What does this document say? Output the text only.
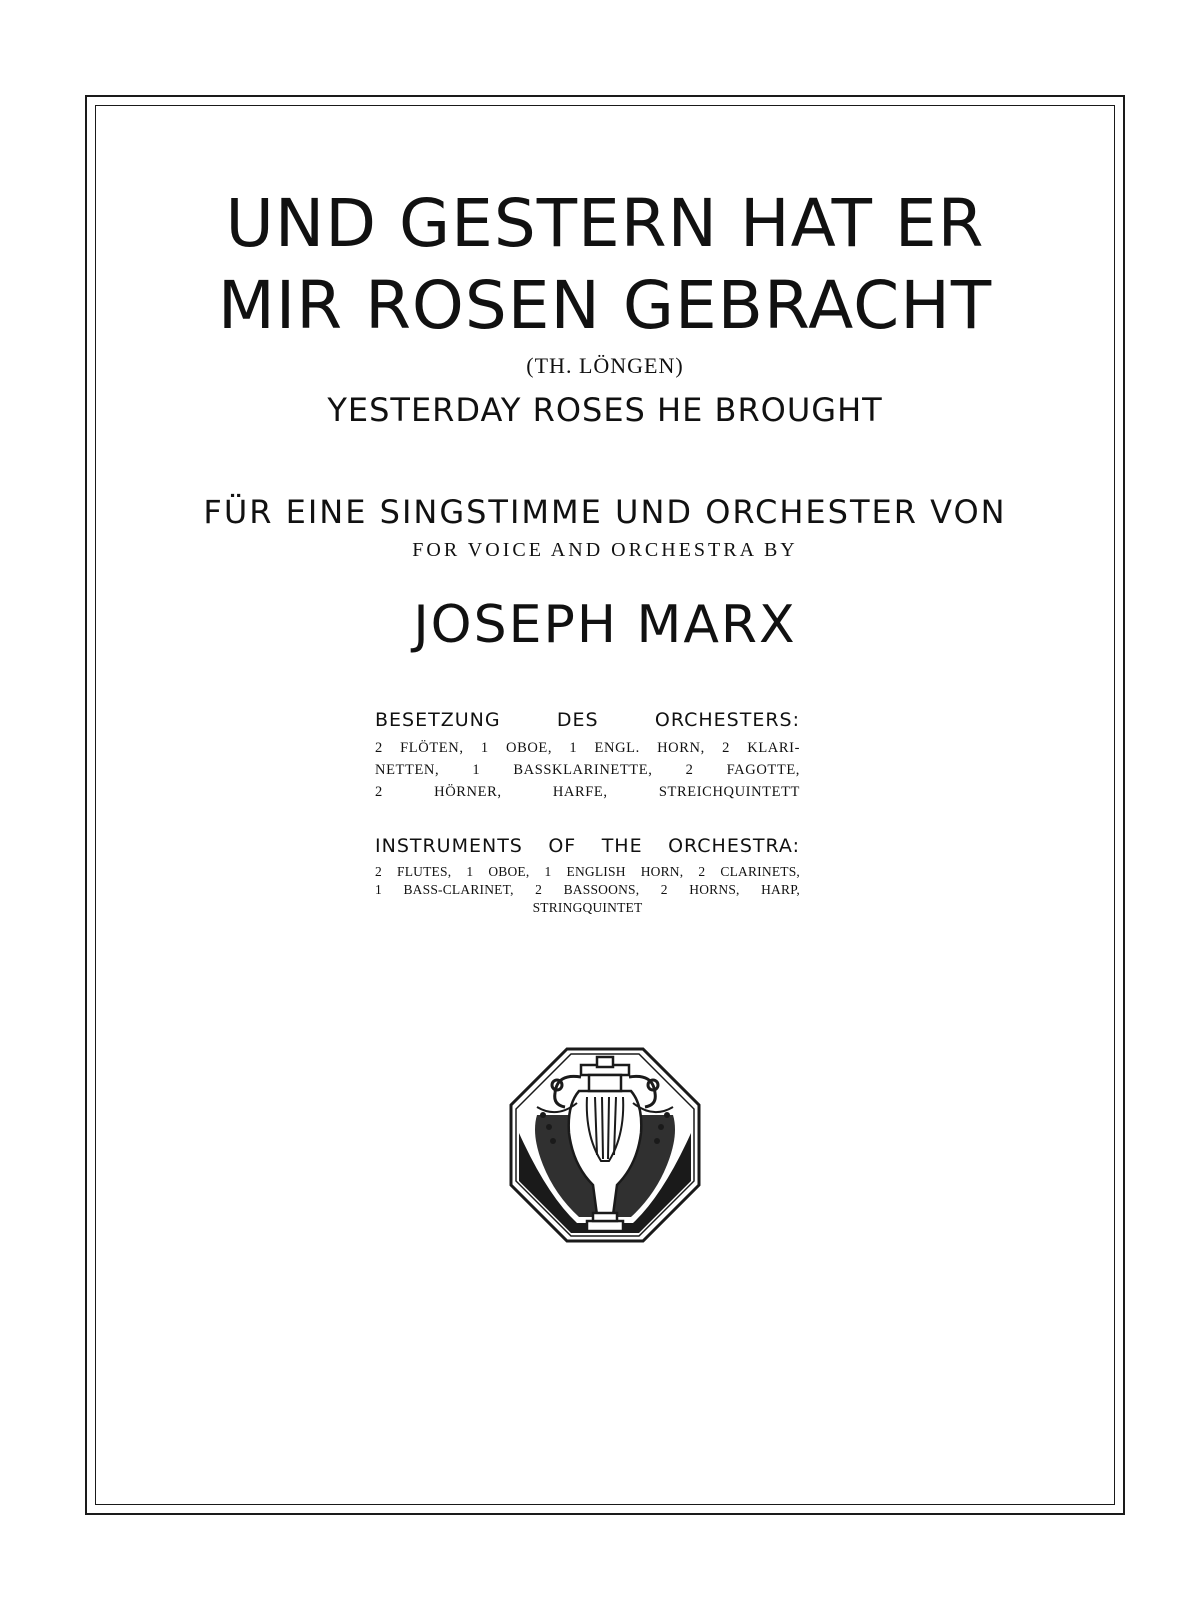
UND GESTERN HAT ER
MIR ROSEN GEBRACHT
(TH. LÖNGEN)
YESTERDAY ROSES HE BROUGHT
FÜR EINE SINGSTIMME UND ORCHESTER VON
FOR VOICE AND ORCHESTRA BY
JOSEPH MARX
BESETZUNG DES ORCHESTERS:
2 FLÖTEN, 1 OBOE, 1 ENGL. HORN, 2 KLARI-
NETTEN, 1 BASSKLARINETTE, 2 FAGOTTE,
2 HÖRNER, HARFE, STREICHQUINTETT
INSTRUMENTS OF THE ORCHESTRA:
2 FLUTES, 1 OBOE, 1 ENGLISH HORN, 2 CLARINETS,
1 BASS-CLARINET, 2 BASSOONS, 2 HORNS, HARP,
STRINGQUINTET
